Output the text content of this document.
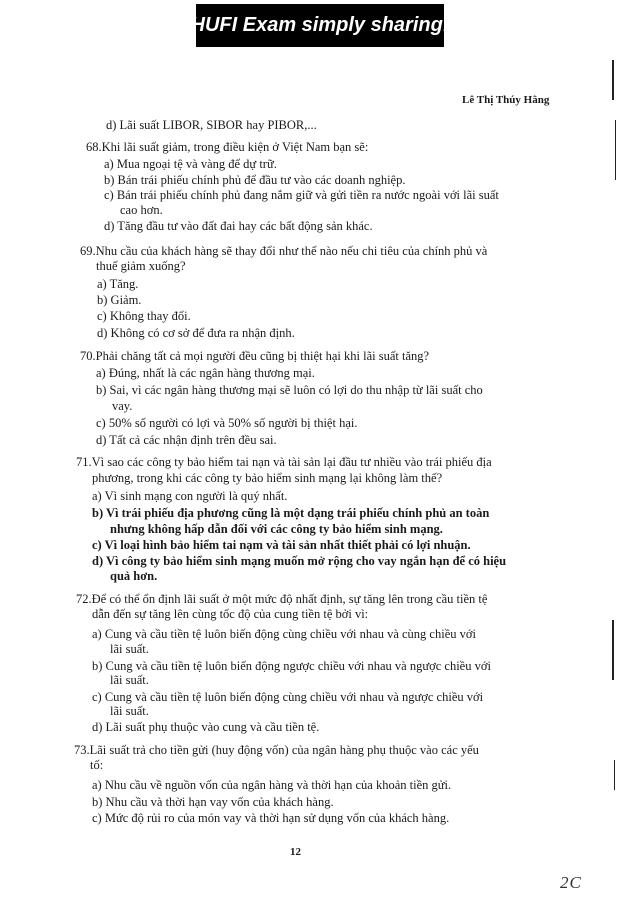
HUFI Exam simply sharing!
Lê Thị Thúy Hằng
d) Lãi suất LIBOR, SIBOR hay PIBOR,...
68.Khi lãi suất giảm, trong điều kiện ở Việt Nam bạn sẽ:
a) Mua ngoại tệ và vàng để dự trữ.
b) Bán trái phiếu chính phủ để đầu tư vào các doanh nghiệp.
c) Bán trái phiếu chính phủ đang nắm giữ và gửi tiền ra nước ngoài với lãi suất
cao hơn.
d) Tăng đầu tư vào đất đai hay các bất động sản khác.
69.Nhu cầu của khách hàng sẽ thay đổi như thế nào nếu chi tiêu của chính phủ và
thuế giảm xuống?
a) Tăng.
b) Giảm.
c) Không thay đổi.
d) Không có cơ sở để đưa ra nhận định.
70.Phải chăng tất cả mọi người đều cũng bị thiệt hại khi lãi suất tăng?
a) Đúng, nhất là các ngân hàng thương mại.
b) Sai, vì các ngân hàng thương mại sẽ luôn có lợi do thu nhập từ lãi suất cho
vay.
c) 50% số người có lợi và 50% số người bị thiệt hại.
d) Tất cả các nhận định trên đều sai.
71.Vì sao các công ty bảo hiểm tai nạn và tài sản lại đầu tư nhiều vào trái phiếu địa
phương, trong khi các công ty bảo hiểm sinh mạng lại không làm thế?
a) Vì sinh mạng con người là quý nhất.
b) Vì trái phiếu địa phương cũng là một dạng trái phiếu chính phủ an toàn
nhưng không hấp dẫn đối với các công ty bảo hiểm sinh mạng.
c) Vì loại hình bảo hiểm tai nạm và tài sản nhất thiết phải có lợi nhuận.
d) Vì công ty bảo hiểm sinh mạng muốn mở rộng cho vay ngắn hạn để có hiệu
quả hơn.
72.Để có thể ổn định lãi suất ở một mức độ nhất định, sự tăng lên trong cầu tiền tệ
dẫn đến sự tăng lên cùng tốc độ của cung tiền tệ bởi vì:
a) Cung và cầu tiền tệ luôn biến động cùng chiều với nhau và cùng chiều với
lãi suất.
b) Cung và cầu tiền tệ luôn biến động ngược chiều với nhau và ngược chiều với
lãi suất.
c) Cung và cầu tiền tệ luôn biến động cùng chiều với nhau và ngược chiều với
lãi suất.
d) Lãi suất phụ thuộc vào cung và cầu tiền tệ.
73.Lãi suất trả cho tiền gửi (huy động vốn) của ngân hàng phụ thuộc vào các yếu
tố:
a) Nhu cầu về nguồn vốn của ngân hàng và thời hạn của khoản tiền gửi.
b) Nhu cầu và thời hạn vay vốn của khách hàng.
c) Mức độ rủi ro của món vay và thời hạn sử dụng vốn của khách hàng.
12
2C
